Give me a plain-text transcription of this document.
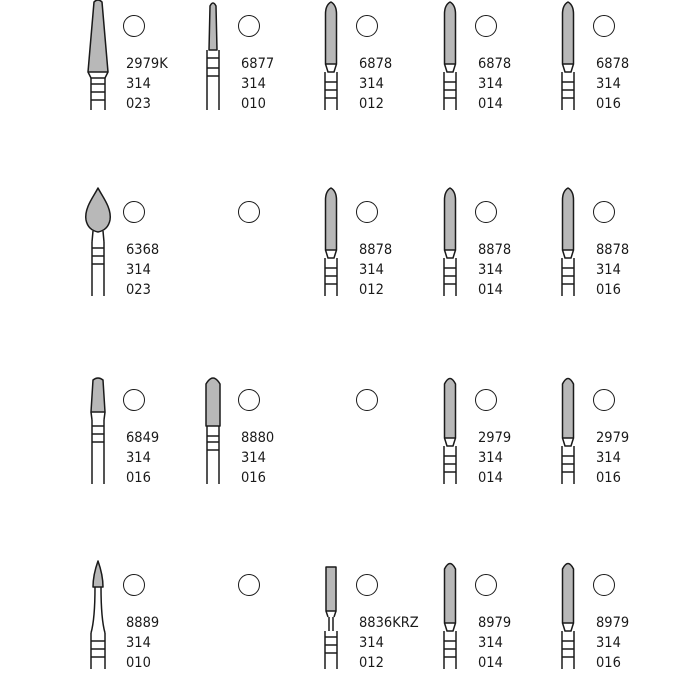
2979K
314
023
6877
314
010
6878
314
012
6878
314
014
6878
314
016
6368
314
023
8878
314
012
8878
314
014
8878
314
016
6849
314
016
8880
314
016
2979
314
014
2979
314
016
8889
314
010
8836KRZ
314
012
8979
314
014
8979
314
016
